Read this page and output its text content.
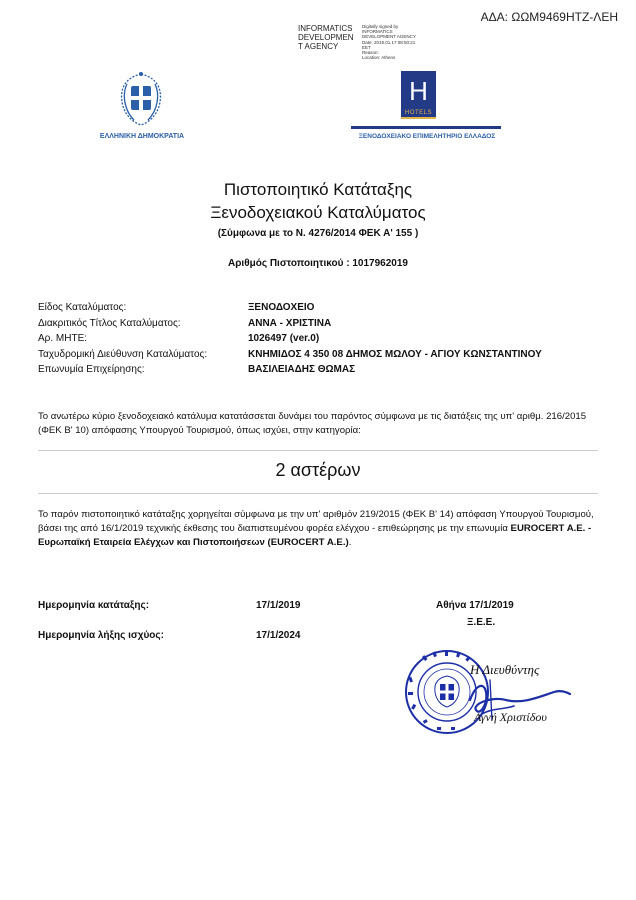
ΑΔΑ: ΩΩΜ9469ΗΤΖ-ΛΕΗ
INFORMATICS
DEVELOPMEN
T AGENCY
Digitally signed by
INFORMATICS
DEVELOPMENT AGENCY
Date: 2019.01.17 08:50:21
EET
Reason:
Location: Athens
ΕΛΛΗΝΙΚΗ ΔΗΜΟΚΡΑΤΙΑ
H
HOTELS
ΞΕΝΟΔΟΧΕΙΑΚΟ ΕΠΙΜΕΛΗΤΗΡΙΟ ΕΛΛΑΔΟΣ
Πιστοποιητικό Κατάταξης
Ξενοδοχειακού Καταλύματος
(Σύμφωνα με το Ν. 4276/2014 ΦΕΚ Α' 155 )
Αριθμός Πιστοποιητικού : 1017962019
Είδος Καταλύματος:	ΞΕΝΟΔΟΧΕΙΟ
Διακριτικός Τίτλος Καταλύματος:	ΑΝΝΑ - ΧΡΙΣΤΙΝΑ
Αρ. ΜΗΤΕ:	1026497 (ver.0)
Ταχυδρομική Διεύθυνση Καταλύματος:	ΚΝΗΜΙΔΟΣ 4 350 08 ΔΗΜΟΣ ΜΩΛΟΥ - ΑΓΙΟΥ ΚΩΝΣΤΑΝΤΙΝΟΥ
Επωνυμία Επιχείρησης:	ΒΑΣΙΛΕΙΑΔΗΣ ΘΩΜΑΣ
Το ανωτέρω κύριο ξενοδοχειακό κατάλυμα κατατάσσεται δυνάμει του παρόντος σύμφωνα με τις διατάξεις της υπ' αριθμ. 216/2015 (ΦΕΚ Β' 10) απόφασης Υπουργού Τουρισμού, όπως ισχύει, στην κατηγορία:
2 αστέρων
Το παρόν πιστοποιητικό κατάταξης χορηγείται σύμφωνα με την υπ' αριθμόν 219/2015 (ΦΕΚ Β' 14) απόφαση Υπουργού Τουρισμού, βάσει της από 16/1/2019 τεχνικής έκθεσης του διαπιστευμένου φορέα ελέγχου - επιθεώρησης με την επωνυμία EUROCERT A.E. - Ευρωπαϊκή Εταιρεία Ελέγχων και Πιστοποιήσεων (EUROCERT A.E.).
Ημερομηνία κατάταξης:	17/1/2019
Ημερομηνία λήξης ισχύος:	17/1/2024
Αθήνα 17/1/2019
Ξ.Ε.Ε.
Η Διευθύντης
Αγνή Χριστίδου
